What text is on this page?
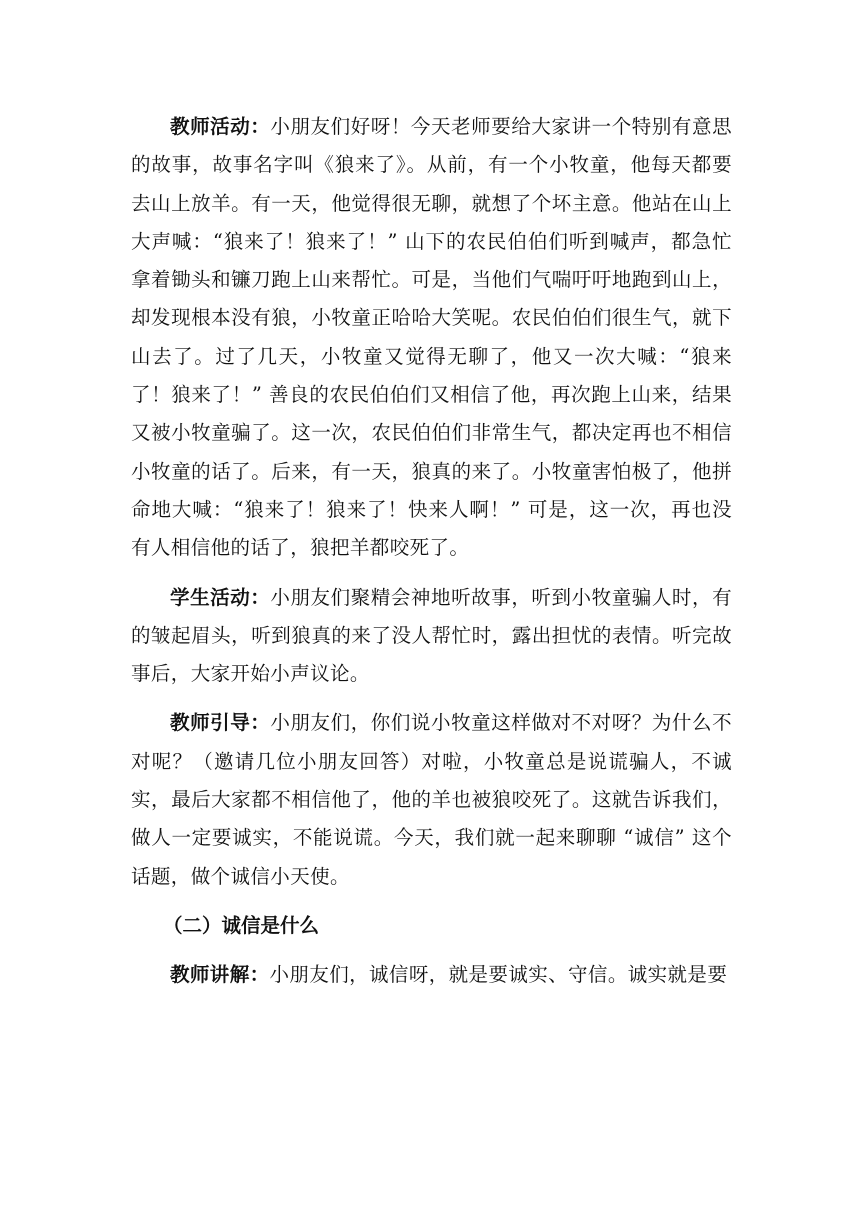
教师活动：小朋友们好呀！今天老师要给大家讲一个特别有意思的故事，故事名字叫《狼来了》。从前，有一个小牧童，他每天都要去山上放羊。有一天，他觉得很无聊，就想了个坏主意。他站在山上大声喊：“狼来了！狼来了！” 山下的农民伯伯们听到喊声，都急忙拿着锄头和镰刀跑上山来帮忙。可是，当他们气喘吁吁地跑到山上，却发现根本没有狼，小牧童正哈哈大笑呢。农民伯伯们很生气，就下山去了。过了几天，小牧童又觉得无聊了，他又一次大喊：“狼来了！狼来了！” 善良的农民伯伯们又相信了他，再次跑上山来，结果又被小牧童骗了。这一次，农民伯伯们非常生气，都决定再也不相信小牧童的话了。后来，有一天，狼真的来了。小牧童害怕极了，他拼命地大喊：“狼来了！狼来了！快来人啊！” 可是，这一次，再也没有人相信他的话了，狼把羊都咬死了。

学生活动：小朋友们聚精会神地听故事，听到小牧童骗人时，有的皱起眉头，听到狼真的来了没人帮忙时，露出担忧的表情。听完故事后，大家开始小声议论。

教师引导：小朋友们，你们说小牧童这样做对不对呀？为什么不对呢？（邀请几位小朋友回答）对啦，小牧童总是说谎骗人，不诚实，最后大家都不相信他了，他的羊也被狼咬死了。这就告诉我们，做人一定要诚实，不能说谎。今天，我们就一起来聊聊 “诚信” 这个话题，做个诚信小天使。

（二）诚信是什么

教师讲解：小朋友们，诚信呀，就是要诚实、守信。诚实就是要
